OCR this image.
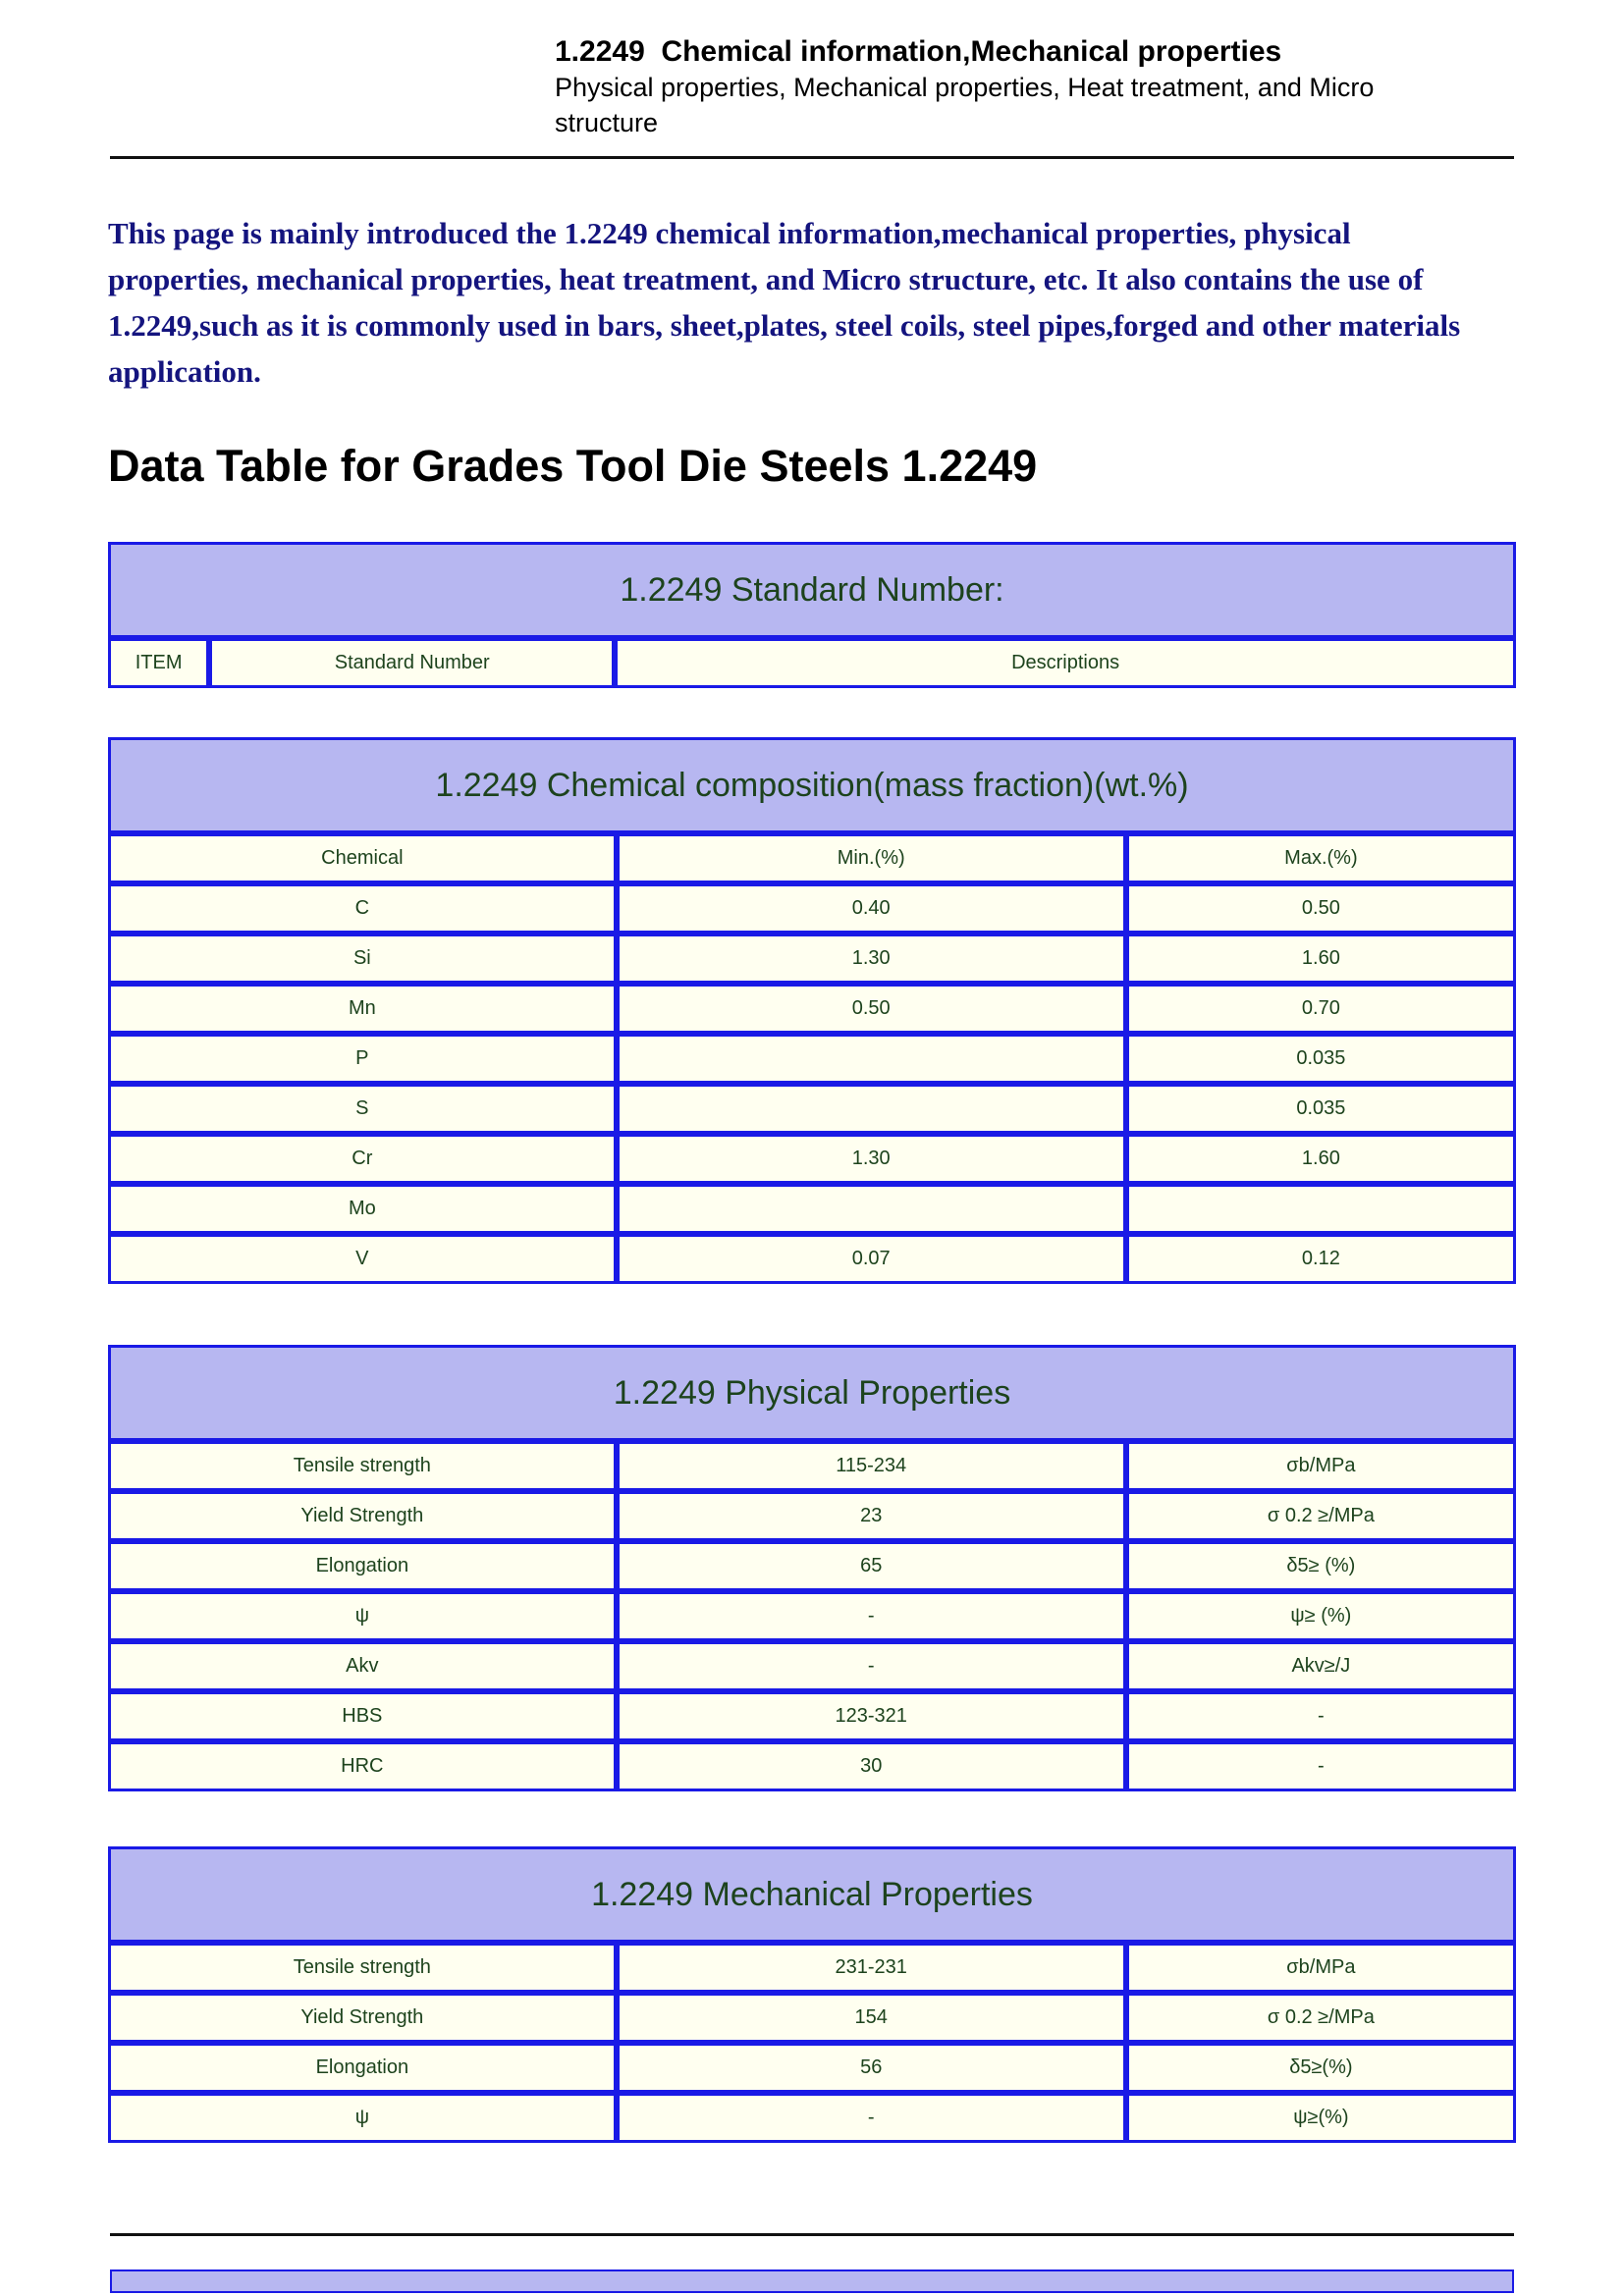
1.2249  Chemical information,Mechanical properties
Physical properties, Mechanical properties, Heat treatment, and Micro structure

This page is mainly introduced the 1.2249 chemical information,mechanical properties, physical properties, mechanical properties, heat treatment, and Micro structure, etc. It also contains the use of 1.2249,such as it is commonly used in bars, sheet,plates, steel coils, steel pipes,forged and other materials application.

Data Table for Grades Tool Die Steels 1.2249
1.2249 Standard Number:
ITEM	Standard Number	Descriptions
1.2249 Chemical composition(mass fraction)(wt.%)
Chemical	Min.(%)	Max.(%)
C	0.40	0.50
Si	1.30	1.60
Mn	0.50	0.70
P		0.035
S		0.035
Cr	1.30	1.60
Mo		
V	0.07	0.12
1.2249 Physical Properties
Tensile strength	115-234	σb/MPa
Yield Strength	23	σ 0.2 ≥/MPa
Elongation	65	δ5≥ (%)
ψ	-	ψ≥ (%)
Akv	-	Akv≥/J
HBS	123-321	-
HRC	30	-
1.2249 Mechanical Properties
Tensile strength	231-231	σb/MPa
Yield Strength	154	σ 0.2 ≥/MPa
Elongation	56	δ5≥(%)
ψ	-	ψ≥(%)
